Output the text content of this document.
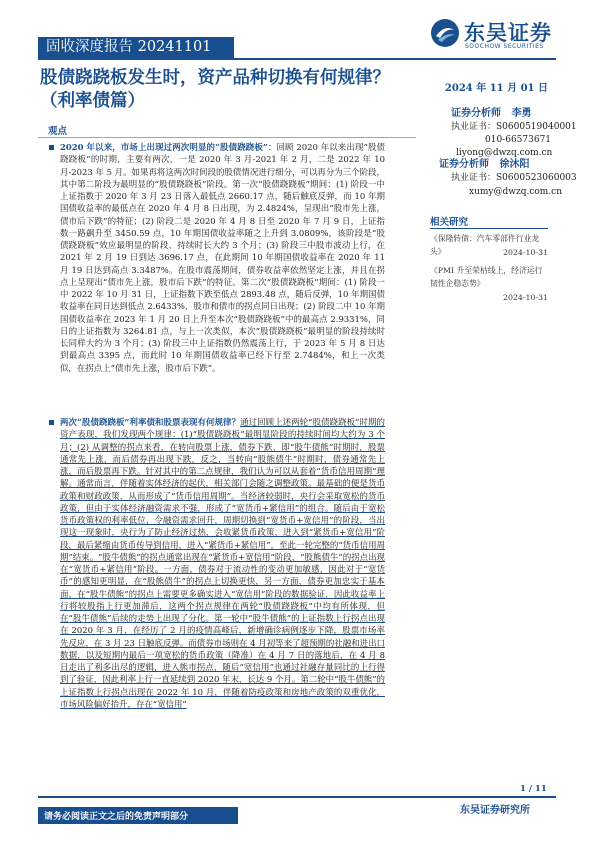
东吴证券
SOOCHOW SECURITIES
固收深度报告 20241101
股债跷跷板发生时，资产品种切换有何规律？（利率债篇）
2024 年 11 月 01 日
观点
证券分析师 李勇
执业证书：S0600519040001
010-66573671
liyong@dwzq.com.cn
证券分析师 徐沐阳
执业证书：S0600523060003
xumy@dwzq.com.cn
相关研究
《保隆转债：汽车零部件行业龙头》	2024-10-31
《PMI 升至荣枯线上，经济运行韧性企稳态势》
2024-10-31
2020 年以来，市场上出现过两次明显的“股债跷跷板”：回顾 2020 年以来出现“股债跷跷板”的时期，主要有两次，一是 2020 年 3 月-2021 年 2 月，二是 2022 年 10 月-2023 年 5 月。如果再将这两次时间段的股债情况进行细分，可以再分为三个阶段，其中第二阶段为最明显的“股债跷跷板”阶段。第一次“股债跷跷板”期间：(1) 阶段一中上证指数于 2020 年 3 月 23 日落入最低点 2660.17 点，随后触底反弹，而 10 年期国债收益率的最低点在 2020 年 4 月 8 日出现，为 2.4824%，呈现出“股市先上涨，债市后下跌”的特征；(2) 阶段二是 2020 年 4 月 8 日至 2020 年 7 月 9 日，上证指数一路飙升至 3450.59 点，10 年期国债收益率随之上升到 3.0809%，该阶段是“股债跷跷板”效应最明显的阶段，持续时长大约 3 个月；(3) 阶段三中股市波动上行，在 2021 年 2 月 19 日到达 3696.17 点，在此期间 10 年期国债收益率在 2020 年 11 月 19 日达到高点 3.3487%。在股市震荡期间，债券收益率依然坚定上涨，并且在拐点上呈现出“债市先上涨，股市后下跌”的特征。第二次“股债跷跷板”期间：(1) 阶段一中 2022 年 10 月 31 日，上证指数下跌至低点 2893.48 点，随后反弹，10 年期国债收益率在同日达到低点 2.6433%，股市和债市的拐点同日出现；(2) 阶段二中 10 年期国债收益率在 2023 年 1 月 20 日上升至本次“股债跷跷板”中的最高点 2.9331%，同日的上证指数为 3264.81 点，与上一次类似，本次“股债跷跷板”最明显的阶段持续时长同样大约为 3 个月；(3) 阶段三中上证指数仍然震荡上行，于 2023 年 5 月 8 日达到最高点 3395 点，而此时 10 年期国债收益率已经下行至 2.7484%，和上一次类似，在拐点上“债市先上涨，股市后下跌”。
两次“股债跷跷板”利率债和股票表现有何规律？通过回顾上述两轮“股债跷跷板”时期的资产表现，我们发现两个规律：(1)“股债跷跷板”最明显阶段的持续时间均大约为 3 个月；(2) 从调整的拐点来看，在转向股票上涨，债券下跌，即“股牛债熊”时期时，股票通常先上涨，而后债券再出现下跌，反之，当转向“股熊债牛”时期时，债券通常先上涨，而后股票再下跌。针对其中的第二点规律，我们认为可以从套着“货币信用周期”理解。通常而言，伴随着实体经济的起伏，相关部门会随之调整政策。最基础的便是货币政策和财政政策，从而形成了“货币信用周期”。当经济较弱时，央行会采取宽松的货币政策，但由于实体经济融资需求不强，形成了“宽货币+紧信用”的组合。随后由于宽松货币政策权的利率低位，令融资需求回升，周期切换到“宽货币+宽信用”的阶段，当出现这一现象时，央行为了防止经济过热，会收紧货币政策，进入到“紧货币+宽信用”阶段，最后紧缩由货币传导到信用，进入“紧货币+紧信用”。至此一轮完整的“货币信用周期”结束。“股牛债熊”的拐点通常出现在“紧货币+宽信用”阶段，“股熊债牛”的拐点出现在“宽货币+紧信用”阶段。一方面，债券对于流动性的变动更加敏感，因此对于“宽货币”的感知更明显，在“股熊债牛”的拐点上切换更快，另一方面，债券更加忠实于基本面，在“股牛债熊”的拐点上需要更多确实进入“宽信用”阶段的数据验证，因此收益率上行将较股指上行更加滞后，这两个拐点规律在两轮“股债跷跷板”中均有所体现，但在“股牛债熊”后续的走势上出现了分化。第一轮中“股牛债熊”的上证指数上行拐点出现在 2020 年 3 月，在经历了 2 月的疫情高峰后，新增确诊病例逐步下降，股票市场率先反应，在 3 月 23 日触底反弹。而债券市场则在 4 月初等来了超预期的社融和进出口数据，以及短期内最后一项宽松的货币政策（降准）在 4 月 7 日的落地后，在 4 月 8 日走出了利多出尽的逻辑，进入熊市拐点，随后“宽信用”也通过社融存量同比的上行得到了验证，因此利率上行一直延续到 2020 年末，长达 9 个月。第二轮中“股牛债熊”的上证指数上行拐点出现在 2022 年 10 月，伴随着防疫政策和房地产政策的双重优化，市场风险偏好抬升，存在“宽信用”
1 / 11
请务必阅读正文之后的免责声明部分
东吴证券研究所
